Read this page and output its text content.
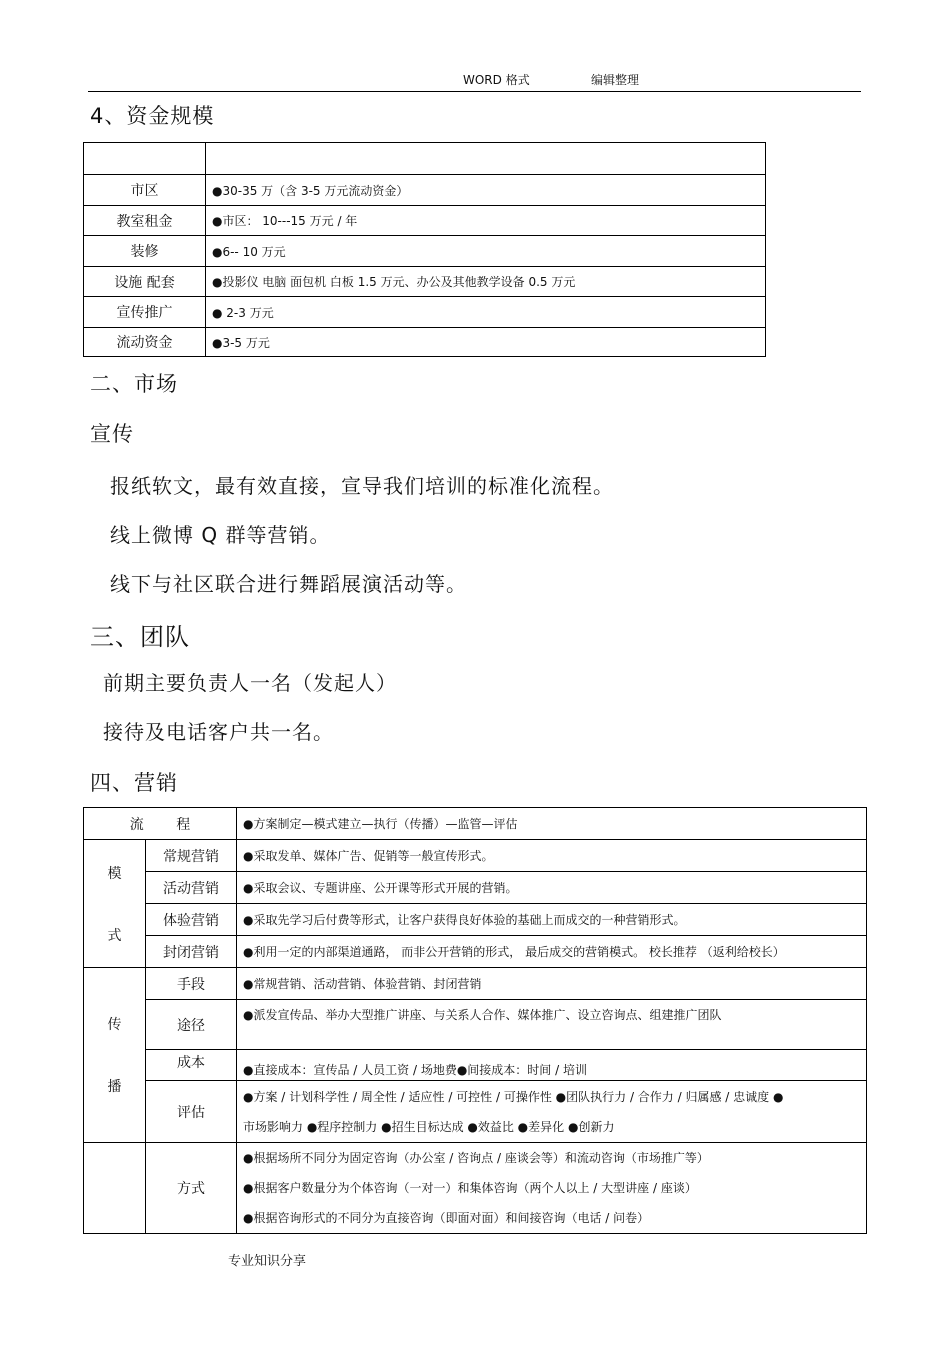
WORD 格式	编辑整理
4、资金规模

市区	●30-35 万（含 3-5 万元流动资金）
教室租金	●市区： 10---15 万元 / 年
装修	●6-- 10 万元
设施 配套	●投影仪 电脑 面包机 白板 1.5 万元、办公及其他教学设备 0.5 万元
宣传推广	● 2-3 万元
流动资金	●3-5 万元
二、市场
宣传
报纸软文，最有效直接，宣导我们培训的标准化流程。
线上微博 Q 群等营销。
线下与社区联合进行舞蹈展演活动等。
三、团队
前期主要负责人一名（发起人）
接待及电话客户共一名。
四、营销
流 程		●方案制定—模式建立—执行（传播）—监管—评估

模
式	常规营销	●采取发单、媒体广告、促销等一般宣传形式。
	活动营销	●采取会议、专题讲座、公开课等形式开展的营销。
	体验营销	●采取先学习后付费等形式，让客户获得良好体验的基础上而成交的一种营销形式。
	封闭营销	●利用一定的内部渠道通路， 而非公开营销的形式， 最后成交的营销模式。 校长推荐 （返利给校长）

传
播	手段	●常规营销、活动营销、体验营销、封闭营销
	途径	●派发宣传品、举办大型推广讲座、与关系人合作、媒体推广、设立咨询点、组建推广团队
	成本	●直接成本：宣传品 / 人员工资 / 场地费●间接成本：时间 / 培训
	评估	●方案 / 计划科学性 / 周全性 / 适应性 / 可控性 / 可操作性 ●团队执行力 / 合作力 / 归属感 / 忠诚度 ●
市场影响力 ●程序控制力 ●招生目标达成 ●效益比 ●差异化 ●创新力

	方式	●根据场所不同分为固定咨询（办公室 / 咨询点 / 座谈会等）和流动咨询（市场推广等）
●根据客户数量分为个体咨询（一对一）和集体咨询（两个人以上 / 大型讲座 / 座谈）
●根据咨询形式的不同分为直接咨询（即面对面）和间接咨询（电话 / 问卷）
专业知识分享
